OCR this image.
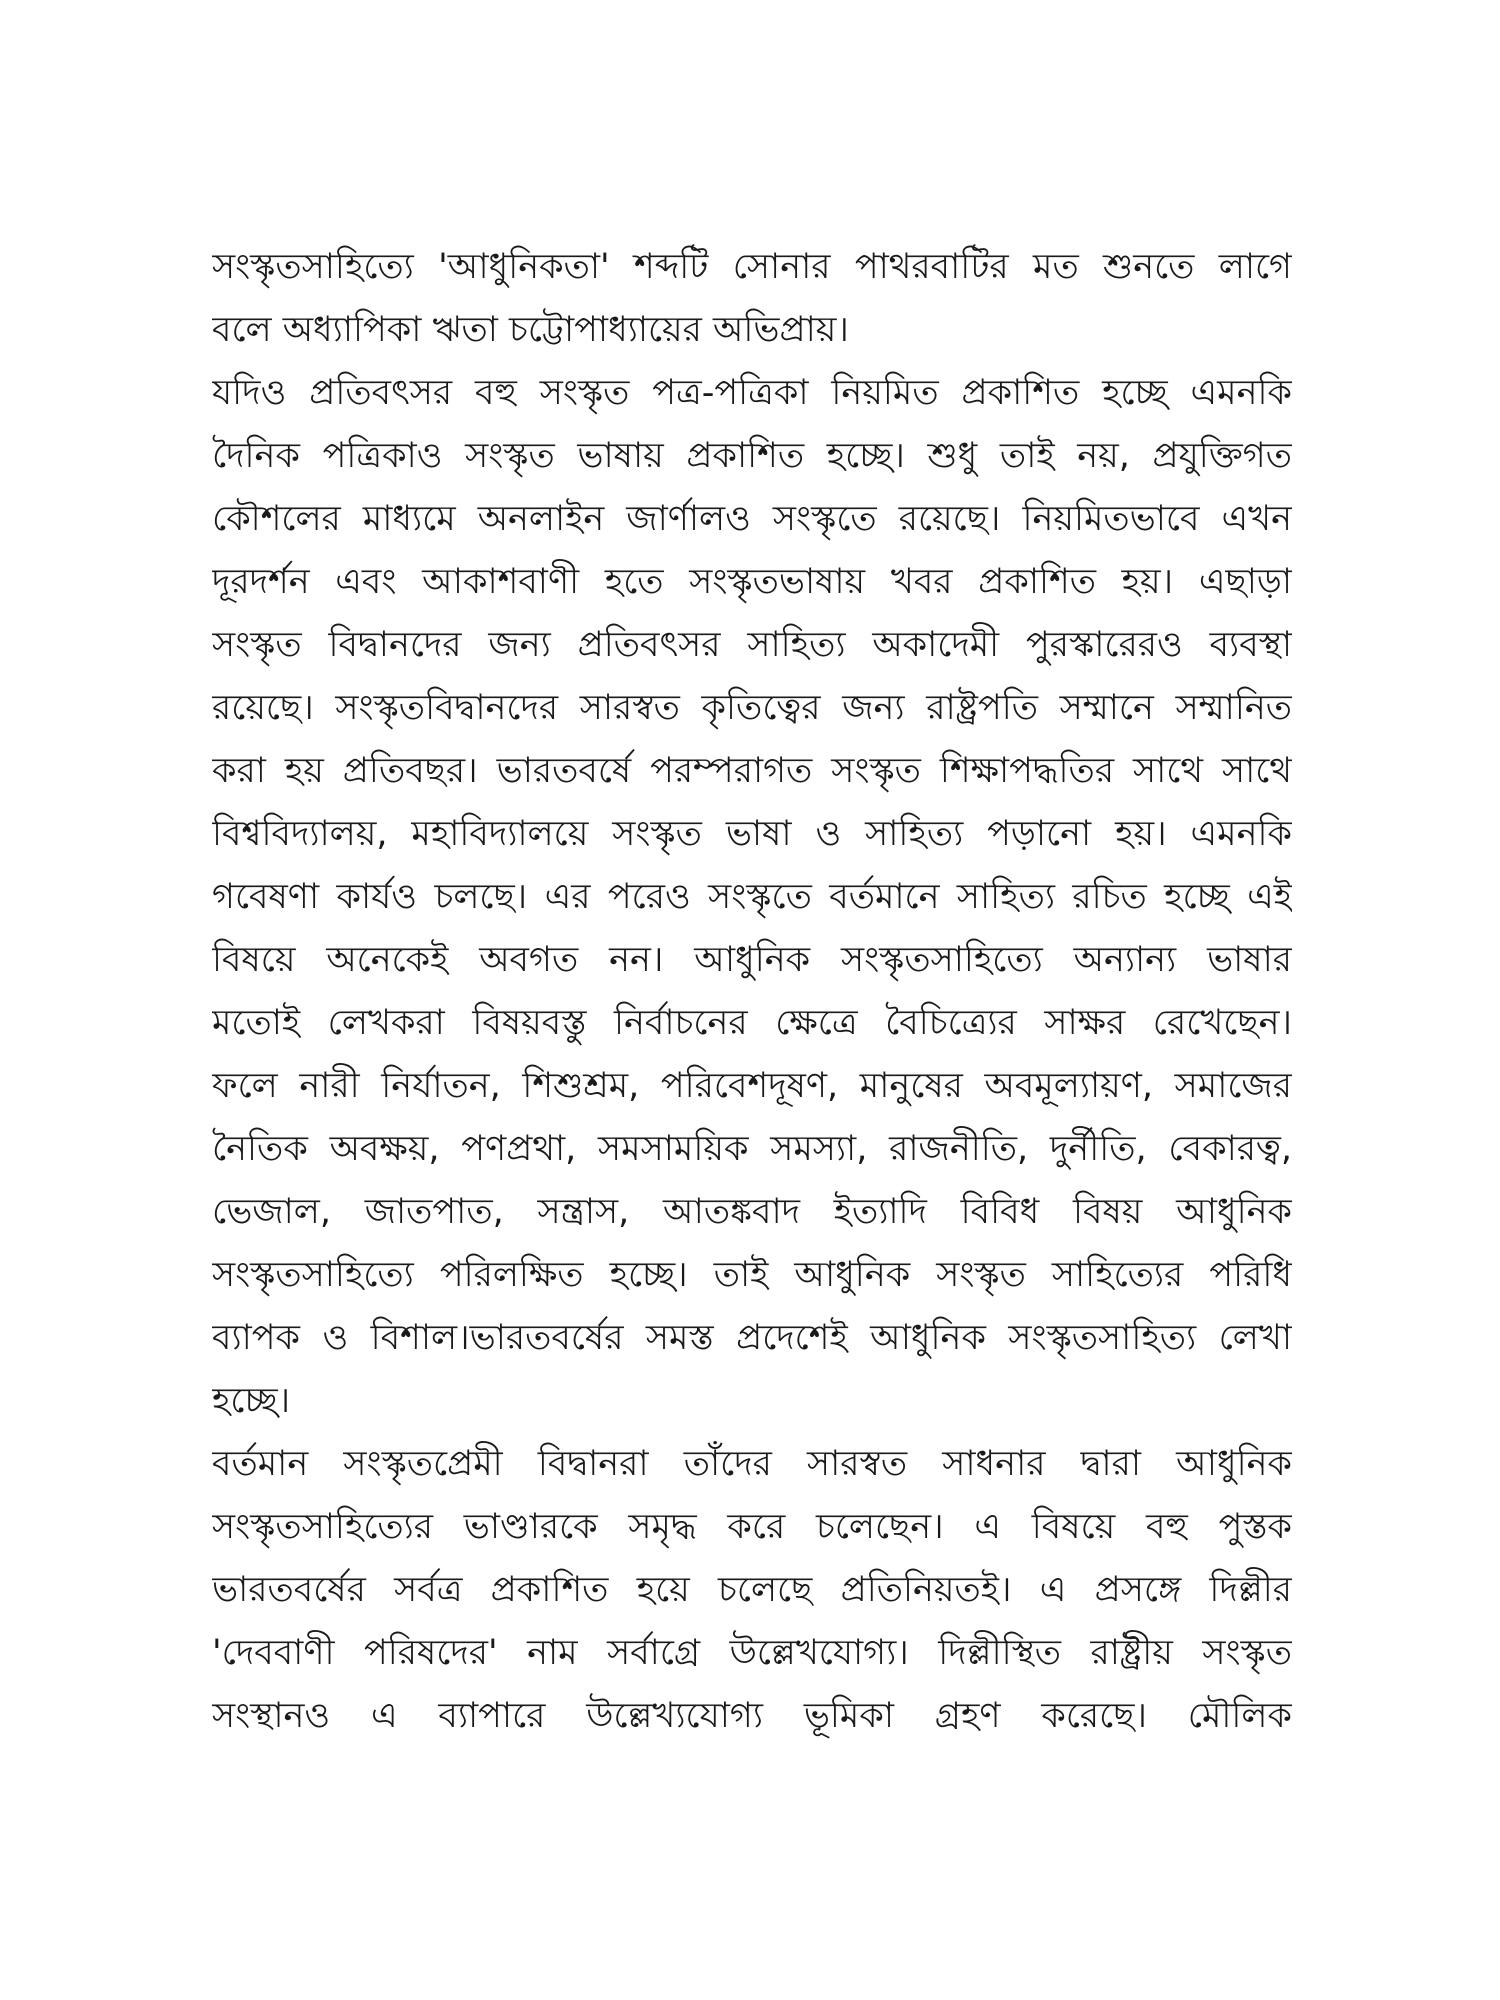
সংস্কৃতসাহিত্যে 'আধুনিকতা' শব্দটি সোনার পাথরবাটির মত শুনতে লাগে
বলে অধ্যাপিকা ঋতা চট্টোপাধ্যায়ের অভিপ্রায়।
যদিও প্রতিবৎসর বহু সংস্কৃত পত্র-পত্রিকা নিয়মিত প্রকাশিত হচ্ছে এমনকি
দৈনিক পত্রিকাও সংস্কৃত ভাষায় প্রকাশিত হচ্ছে। শুধু তাই নয়, প্রযুক্তিগত
কৌশলের মাধ্যমে অনলাইন জার্ণালও সংস্কৃতে রয়েছে। নিয়মিতভাবে এখন
দূরদর্শন এবং আকাশবাণী হতে সংস্কৃতভাষায় খবর প্রকাশিত হয়। এছাড়া
সংস্কৃত বিদ্বানদের জন্য প্রতিবৎসর সাহিত্য অকাদেমী পুরস্কারেরও ব্যবস্থা
রয়েছে। সংস্কৃতবিদ্বানদের সারস্বত কৃতিত্বের জন্য রাষ্ট্রপতি সম্মানে সম্মানিত
করা হয় প্রতিবছর। ভারতবর্ষে পরম্পরাগত সংস্কৃত শিক্ষাপদ্ধতির সাথে সাথে
বিশ্ববিদ্যালয়, মহাবিদ্যালয়ে সংস্কৃত ভাষা ও সাহিত্য পড়ানো হয়। এমনকি
গবেষণা কার্যও চলছে। এর পরেও সংস্কৃতে বর্তমানে সাহিত্য রচিত হচ্ছে এই
বিষয়ে অনেকেই অবগত নন। আধুনিক সংস্কৃতসাহিত্যে অন্যান্য ভাষার
মতোই লেখকরা বিষয়বস্তু নির্বাচনের ক্ষেত্রে বৈচিত্র্যের সাক্ষর রেখেছেন।
ফলে নারী নির্যাতন, শিশুশ্রম, পরিবেশদূষণ, মানুষের অবমূল্যায়ণ, সমাজের
নৈতিক অবক্ষয়, পণপ্রথা, সমসাময়িক সমস্যা, রাজনীতি, দুর্নীতি, বেকারত্ব,
ভেজাল, জাতপাত, সন্ত্রাস, আতঙ্কবাদ ইত্যাদি বিবিধ বিষয় আধুনিক
সংস্কৃতসাহিত্যে পরিলক্ষিত হচ্ছে। তাই আধুনিক সংস্কৃত সাহিত্যের পরিধি
ব্যাপক ও বিশাল।ভারতবর্ষের সমস্ত প্রদেশেই আধুনিক সংস্কৃতসাহিত্য লেখা
হচ্ছে।
বর্তমান সংস্কৃতপ্রেমী বিদ্বানরা তাঁদের সারস্বত সাধনার দ্বারা আধুনিক
সংস্কৃতসাহিত্যের ভাণ্ডারকে সমৃদ্ধ করে চলেছেন। এ বিষয়ে বহু পুস্তক
ভারতবর্ষের সর্বত্র প্রকাশিত হয়ে চলেছে প্রতিনিয়তই। এ প্রসঙ্গে দিল্লীর
'দেববাণী পরিষদের' নাম সর্বাগ্রে উল্লেখযোগ্য। দিল্লীস্থিত রাষ্ট্রীয় সংস্কৃত
সংস্থানও এ ব্যাপারে উল্লেখ্যযোগ্য ভূমিকা গ্রহণ করেছে। মৌলিক
